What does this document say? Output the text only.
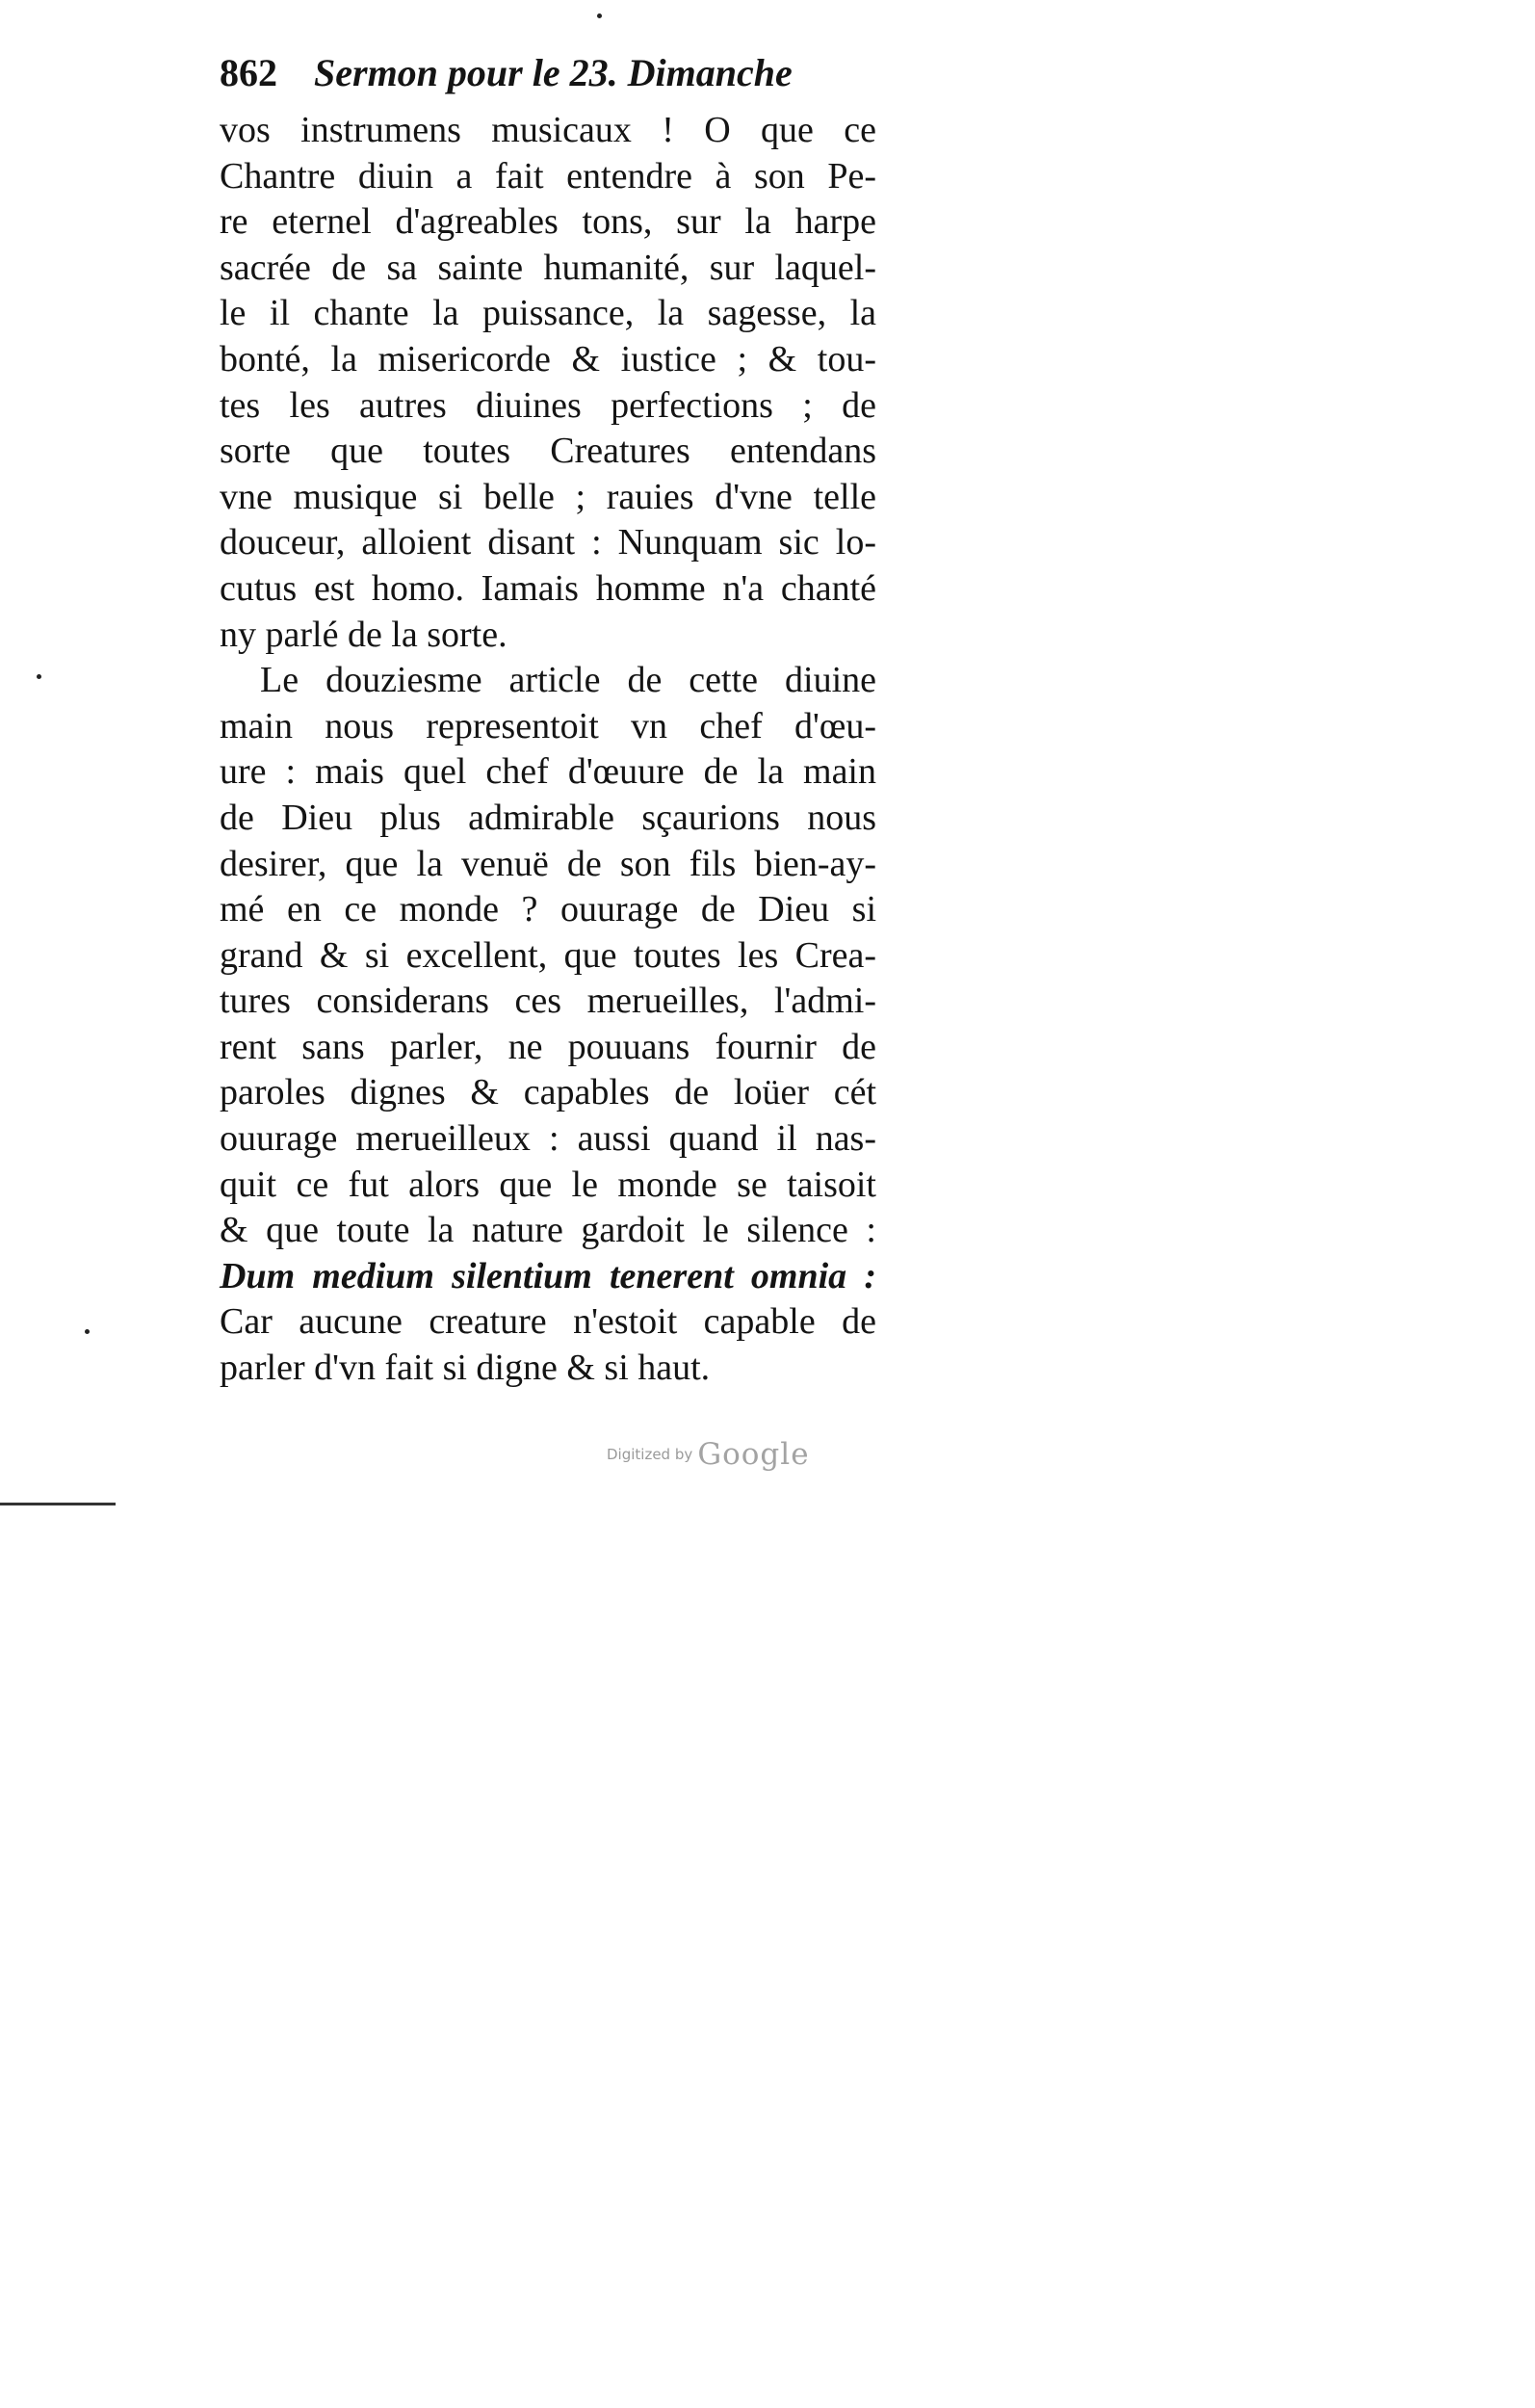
862 Sermon pour le 23. Dimanche
vos instrumens musicaux ! O que ce
Chantre diuin a fait entendre à son Pe-
re eternel d'agreables tons, sur la harpe
sacrée de sa sainte humanité, sur laquel-
le il chante la puissance, la sagesse, la
bonté, la misericorde & iustice ; & tou-
tes les autres diuines perfections ; de
sorte que toutes Creatures entendans
vne musique si belle ; rauies d'vne telle
douceur, alloient disant : Nunquam sic lo-
cutus est homo. Iamais homme n'a chanté
ny parlé de la sorte.
Le douziesme article de cette diuine
main nous representoit vn chef d'œu-
ure : mais quel chef d'œuure de la main
de Dieu plus admirable sçaurions nous
desirer, que la venuë de son fils bien-ay-
mé en ce monde ? ouurage de Dieu si
grand & si excellent, que toutes les Crea-
tures considerans ces merueilles, l'admi-
rent sans parler, ne pouuans fournir de
paroles dignes & capables de loüer cét
ouurage merueilleux : aussi quand il nas-
quit ce fut alors que le monde se taisoit
& que toute la nature gardoit le silence :
Dum medium silentium tenerent omnia :
Car aucune creature n'estoit capable de
parler d'vn fait si digne & si haut.
Digitized by Google
